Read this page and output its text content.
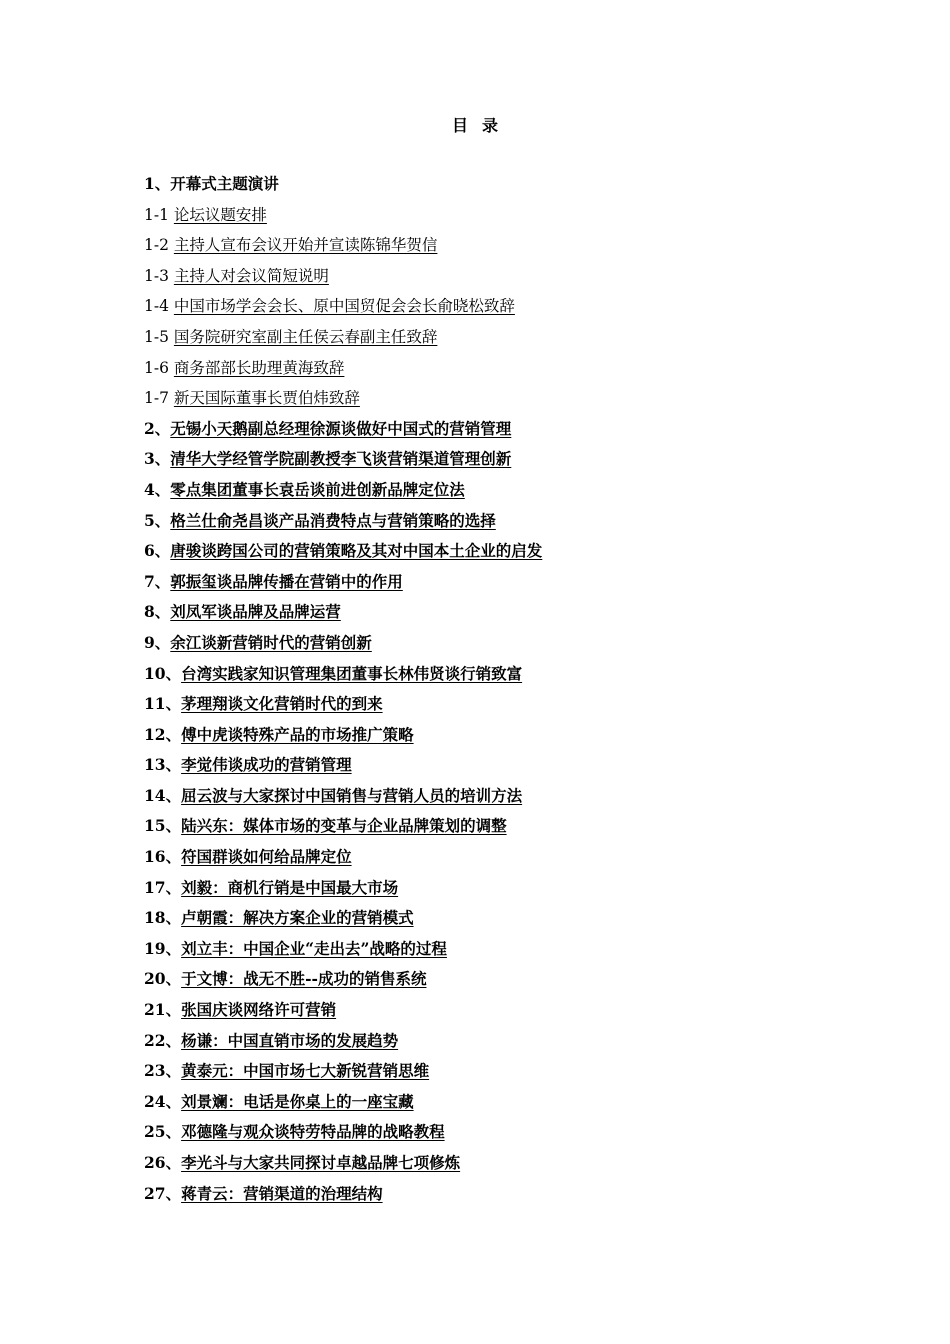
目录
1、开幕式主题演讲
1-1 论坛议题安排
1-2 主持人宣布会议开始并宣读陈锦华贺信
1-3 主持人对会议简短说明
1-4 中国市场学会会长、原中国贸促会会长俞晓松致辞
1-5 国务院研究室副主任侯云春副主任致辞
1-6 商务部部长助理黄海致辞
1-7 新天国际董事长贾伯炜致辞
2、无锡小天鹅副总经理徐源谈做好中国式的营销管理
3、清华大学经管学院副教授李飞谈营销渠道管理创新
4、零点集团董事长袁岳谈前进创新品牌定位法
5、格兰仕俞尧昌谈产品消费特点与营销策略的选择
6、唐骏谈跨国公司的营销策略及其对中国本土企业的启发
7、郭振玺谈品牌传播在营销中的作用
8、刘凤军谈品牌及品牌运营
9、余江谈新营销时代的营销创新
10、台湾实践家知识管理集团董事长林伟贤谈行销致富
11、茅理翔谈文化营销时代的到来
12、傅中虎谈特殊产品的市场推广策略
13、李觉伟谈成功的营销管理
14、屈云波与大家探讨中国销售与营销人员的培训方法
15、陆兴东：媒体市场的变革与企业品牌策划的调整
16、符国群谈如何给品牌定位
17、刘毅：商机行销是中国最大市场
18、卢朝霞：解决方案企业的营销模式
19、刘立丰：中国企业“走出去”战略的过程
20、于文博：战无不胜--成功的销售系统
21、张国庆谈网络许可营销
22、杨谦：中国直销市场的发展趋势
23、黄泰元：中国市场七大新锐营销思维
24、刘景斓：电话是你桌上的一座宝藏
25、邓德隆与观众谈特劳特品牌的战略教程
26、李光斗与大家共同探讨卓越品牌七项修炼
27、蒋青云：营销渠道的治理结构
